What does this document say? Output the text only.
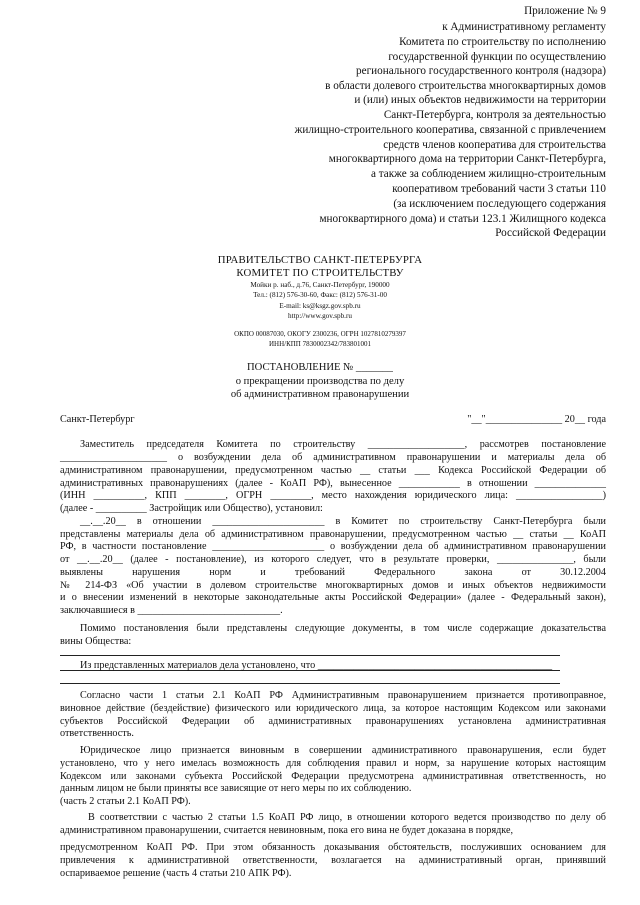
Приложение № 9
к Административному регламенту
Комитета по строительству по исполнению
государственной функции по осуществлению
регионального государственного контроля (надзора)
в области долевого строительства многоквартирных домов
и (или) иных объектов недвижимости на территории
Санкт-Петербурга, контроля за деятельностью
жилищно-строительного кооператива, связанной с привлечением
средств членов кооператива для строительства
многоквартирного дома на территории Санкт-Петербурга,
а также за соблюдением жилищно-строительным
кооперативом требований части 3 статьи 110
(за исключением последующего содержания
многоквартирного дома) и статьи 123.1 Жилищного кодекса
Российской Федерации
ПРАВИТЕЛЬСТВО САНКТ-ПЕТЕРБУРГА
КОМИТЕТ ПО СТРОИТЕЛЬСТВУ
Мойки р. наб., д.76, Санкт-Петербург, 190000
Тел.: (812) 576-30-60, Факс: (812) 576-31-00
E-mail: ks@ksgz.gov.spb.ru
http://www.gov.spb.ru
ОКПО 00087030, ОКОГУ 2300236, ОГРН 1027810279397
ИНН/КПП 7830002342/783801001
ПОСТАНОВЛЕНИЕ № _______
о прекращении производства по делу
об административном правонарушении
Санкт-Петербург	"__"_______________ 20__ года
Заместитель председателя Комитета по строительству ___________________, рассмотрев постановление
_____________________ о возбуждении дела об административном правонарушении и материалы дела об
административном правонарушении, предусмотренном частью __ статьи ___ Кодекса Российской Федерации об
административных правонарушениях (далее - КоАП РФ), вынесенное ____________ в отношении ______________
(ИНН __________, КПП ________, ОГРН ________, место нахождения юридического лица: _________________)
(далее - __________ Застройщик или Общество), установил:
__.__.20__ в отношении ______________________ в Комитет по строительству Санкт-Петербурга были
представлены материалы дела об административном правонарушении, предусмотренном частью __ статьи __ КоАП
РФ, в частности постановление ______________________ о возбуждении дела об административном правонарушении
от __.__.20__ (далее - постановление), из которого следует, что в результате проверки, _______________, были
выявлены нарушения норм и требований Федерального закона от 30.12.2004
№ 214-ФЗ «Об участии в долевом строительстве многоквартирных домов и иных объектов недвижимости
и о внесении изменений в некоторые законодательные акты Российской Федерации» (далее - Федеральный закон),
заключавшиеся в ____________________________.
Помимо постановления были представлены следующие документы, в том числе содержащие доказательства
вины Общества:
Из представленных материалов дела установлено, что ______________________________________________
Согласно части 1 статьи 2.1 КоАП РФ Административным правонарушением признается противоправное,
виновное действие (бездействие) физического или юридического лица, за которое настоящим Кодексом или законами
субъектов Российской Федерации об административных правонарушениях установлена административная
ответственность.
Юридическое лицо признается виновным в совершении административного правонарушения, если будет
установлено, что у него имелась возможность для соблюдения правил и норм, за нарушение которых настоящим
Кодексом или законами субъекта Российской Федерации предусмотрена административная ответственность, но
данным лицом не были приняты все зависящие от него меры по их соблюдению.
(часть 2 статьи 2.1 КоАП РФ).
В соответствии с частью 2 статьи 1.5 КоАП РФ лицо, в отношении которого ведется производство по делу об
административном правонарушении, считается невиновным, пока его вина не будет доказана в порядке,
предусмотренном КоАП РФ. При этом обязанность доказывания обстоятельств, послуживших основанием для
привлечения к административной ответственности, возлагается на административный орган, принявший
оспариваемое решение (часть 4 статьи 210 АПК РФ).
